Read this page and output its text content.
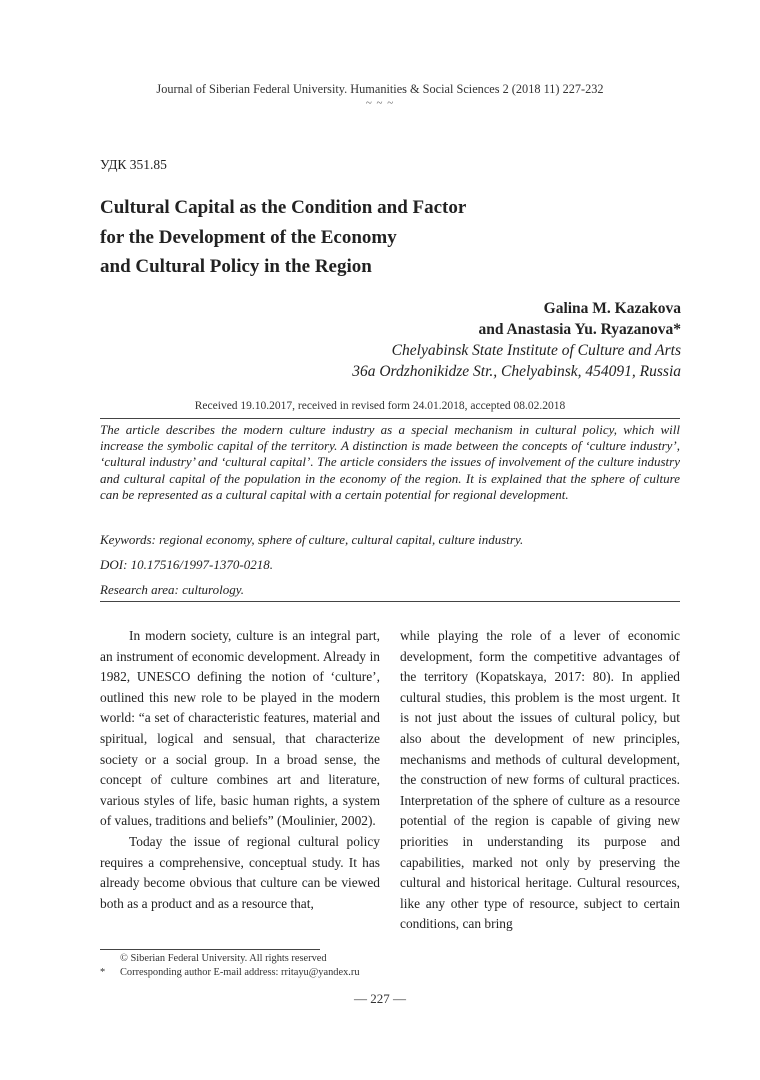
Journal of Siberian Federal University. Humanities & Social Sciences 2 (2018 11) 227-232
~ ~ ~
УДК 351.85
Cultural Capital as the Condition and Factor
for the Development of the Economy
and Cultural Policy in the Region
Galina M. Kazakova
and Anastasia Yu. Ryazanova*
Chelyabinsk State Institute of Culture and Arts
36a Ordzhonikidze Str., Chelyabinsk, 454091, Russia
Received 19.10.2017, received in revised form 24.01.2018, accepted 08.02.2018
The article describes the modern culture industry as a special mechanism in cultural policy, which will increase the symbolic capital of the territory. A distinction is made between the concepts of ‘culture industry’, ‘cultural industry’ and ‘cultural capital’. The article considers the issues of involvement of the culture industry and cultural capital of the population in the economy of the region. It is explained that the sphere of culture can be represented as a cultural capital with a certain potential for regional development.
Keywords: regional economy, sphere of culture, cultural capital, culture industry.
DOI: 10.17516/1997-1370-0218.
Research area: culturology.

In modern society, culture is an integral part, an instrument of economic development. Already in 1982, UNESCO defining the notion of ‘culture’, outlined this new role to be played in the modern world: “a set of characteristic features, material and spiritual, logical and sensual, that characterize society or a social group. In a broad sense, the concept of culture combines art and literature, various styles of life, basic human rights, a system of values, traditions and beliefs” (Moulinier, 2002).

Today the issue of regional cultural policy requires a comprehensive, conceptual study. It has already become obvious that culture can be viewed both as a product and as a resource that,

while playing the role of a lever of economic development, form the competitive advantages of the territory (Kopatskaya, 2017: 80). In applied cultural studies, this problem is the most urgent. It is not just about the issues of cultural policy, but also about the development of new principles, mechanisms and methods of cultural development, the construction of new forms of cultural practices. Interpretation of the sphere of culture as a resource potential of the region is capable of giving new priorities in understanding its purpose and capabilities, marked not only by preserving the cultural and historical heritage. Cultural resources, like any other type of resource, subject to certain conditions, can bring

© Siberian Federal University. All rights reserved
* Corresponding author E-mail address: rritayu@yandex.ru
— 227 —
